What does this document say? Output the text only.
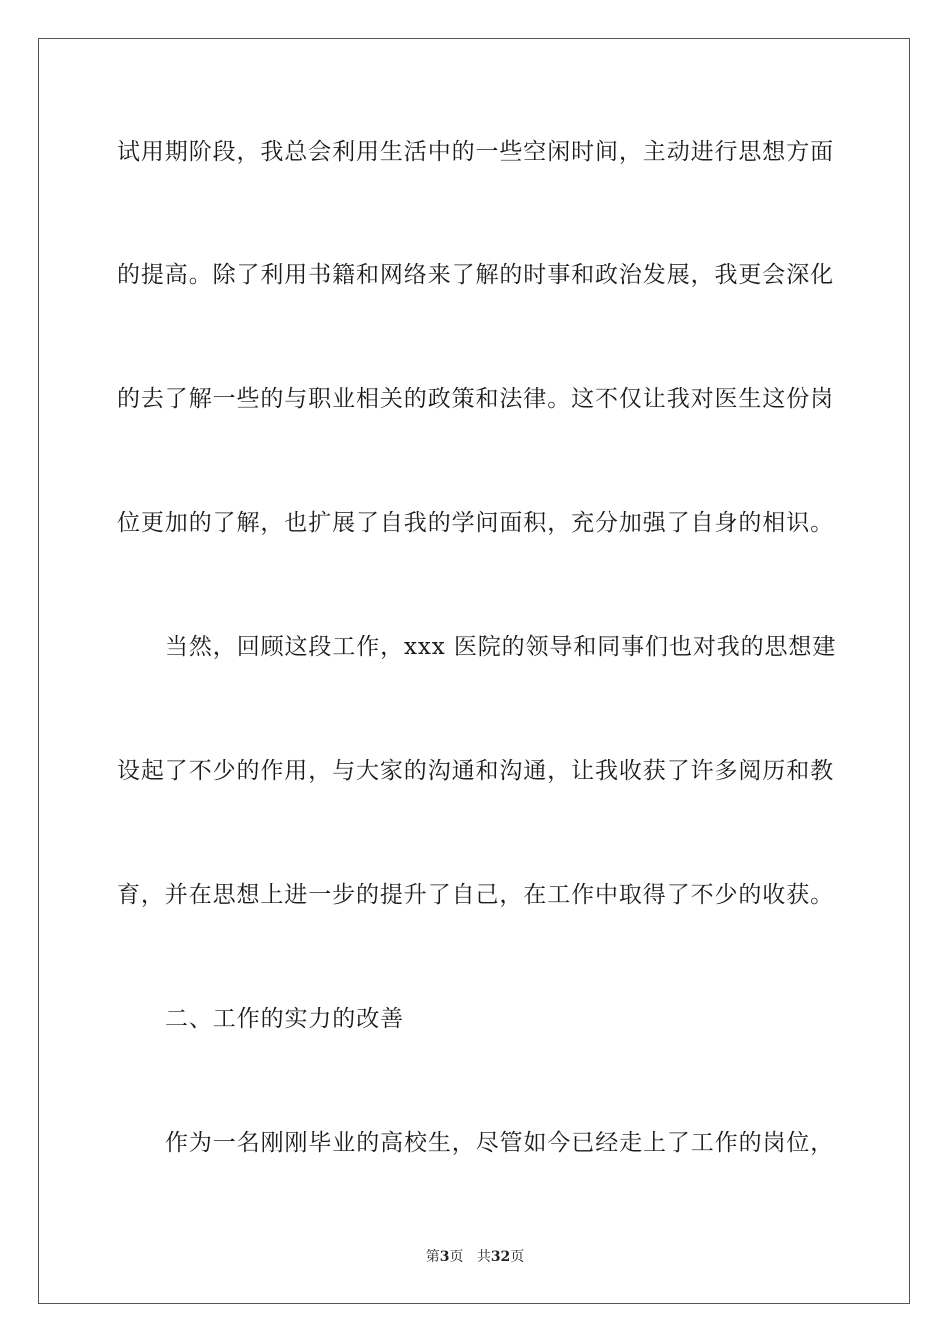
试用期阶段，我总会利用生活中的一些空闲时间，主动进行思想方面
的提高。除了利用书籍和网络来了解的时事和政治发展，我更会深化
的去了解一些的与职业相关的政策和法律。这不仅让我对医生这份岗
位更加的了解，也扩展了自我的学问面积，充分加强了自身的相识。
当然，回顾这段工作，xxx 医院的领导和同事们也对我的思想建
设起了不少的作用，与大家的沟通和沟通，让我收获了许多阅历和教
育，并在思想上进一步的提升了自己，在工作中取得了不少的收获。
二、工作的实力的改善
作为一名刚刚毕业的高校生，尽管如今已经走上了工作的岗位，
第3页 共32页
